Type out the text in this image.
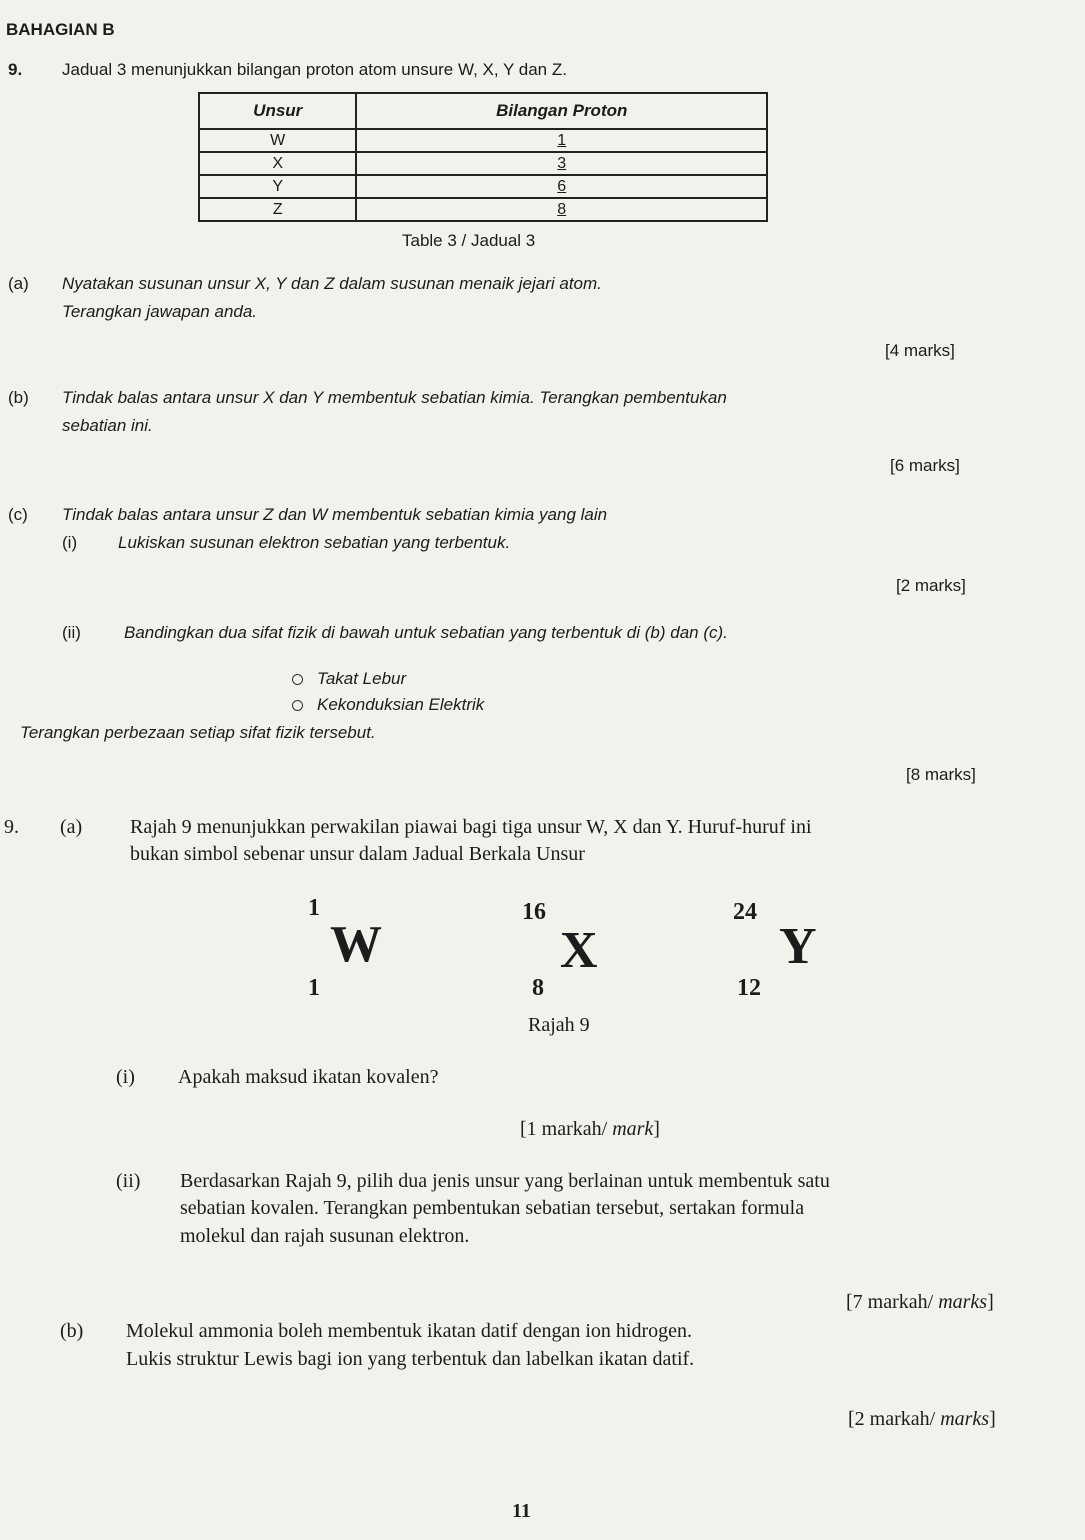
BAHAGIAN B
9. Jadual 3 menunjukkan bilangan proton atom unsure W, X, Y dan Z.
Unsur	Bilangan Proton
W	1
X	3
Y	6
Z	8
Table 3 / Jadual 3
(a) Nyatakan susunan unsur X, Y dan Z dalam susunan menaik jejari atom.
Terangkan jawapan anda.
[4 marks]
(b) Tindak balas antara unsur X dan Y membentuk sebatian kimia. Terangkan pembentukan
sebatian ini.
[6 marks]
(c) Tindak balas antara unsur Z dan W membentuk sebatian kimia yang lain
(i) Lukiskan susunan elektron sebatian yang terbentuk.
[2 marks]
(ii)	Bandingkan dua sifat fizik di bawah untuk sebatian yang terbentuk di (b) dan (c).
Takat Lebur
Kekonduksian Elektrik
Terangkan perbezaan setiap sifat fizik tersebut.
[8 marks]
9. (a) Rajah 9 menunjukkan perwakilan piawai bagi tiga unsur W, X dan Y. Huruf-huruf ini
bukan simbol sebenar unsur dalam Jadual Berkala Unsur
1
W
1
16
X
8
24
Y
12
Rajah 9
(i) Apakah maksud ikatan kovalen?
[1 markah/ mark]
(ii) Berdasarkan Rajah 9, pilih dua jenis unsur yang berlainan untuk membentuk satu
sebatian kovalen. Terangkan pembentukan sebatian tersebut, sertakan formula
molekul dan rajah susunan elektron.
[7 markah/ marks]
(b) Molekul ammonia boleh membentuk ikatan datif dengan ion hidrogen.
Lukis struktur Lewis bagi ion yang terbentuk dan labelkan ikatan datif.
[2 markah/ marks]
11
